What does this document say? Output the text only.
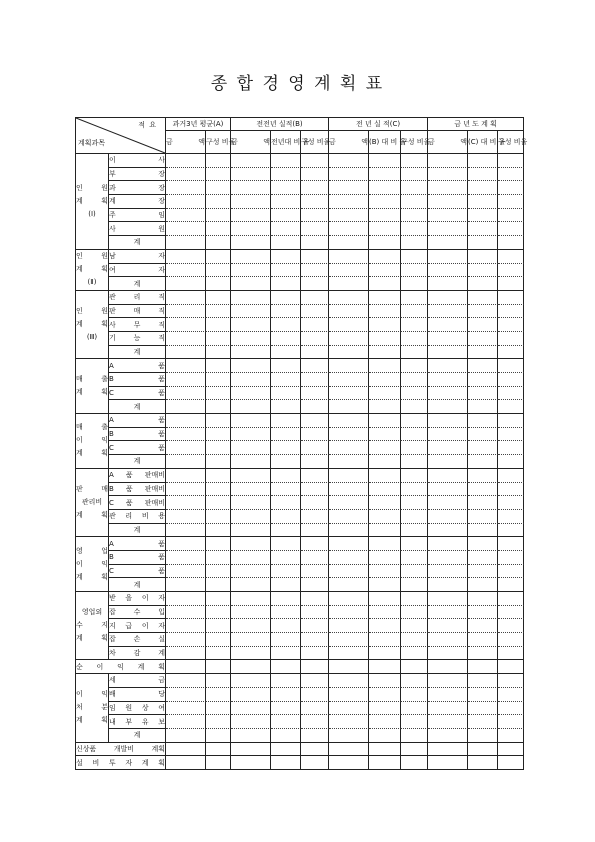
종 합 경 영 계 획 표
적 요
계획과목		과거3년 평균(A)		전전년 실적(B)			전 년 실 적(C)			금 년 도 계 획		
		금 액	구성 비율	금 액	전년대 비 율	구성 비율	금 액	(B) 대 비 율	구성 비율	금 액	(C) 대 비 율	구성 비율

인 원
계 획
(Ⅰ)	이 사											
	부 장											
	과 장											
	계 장											
	주 임											
	사 원											
	계											

인 원
계 획
(Ⅱ)	남 자											
	여 자											
	계											

인 원
계 획
(Ⅲ)	관 리 직											
	판 매 직											
	사 무 직											
	기 능 직											
	계											

매 출
계 획	A 품											
	B 품											
	C 품											
	계											

매 출
이 익
계 획	A 품											
	B 품											
	C 품											
	계											

판 매
관리비
계 획	A 품 판매비											
	B 품 판매비											
	C 품 판매비											
	관 리 비 용											
	계											

영 업
이 익
계 획	A 품											
	B 품											
	C 품											
	계											

영업외
수 지
계 획	받 을 이 자											
	잡 수 입											
	지 급 이 자											
	잡 손 실											
	차 감 계											
순 이 익 계 획												

이 익
처 분
계 획	세 금											
	배 당											
	임 원 상 여											
	내 부 유 보											
	계											
신상품 개발비 계획												
설 비 투 자 계 획												
